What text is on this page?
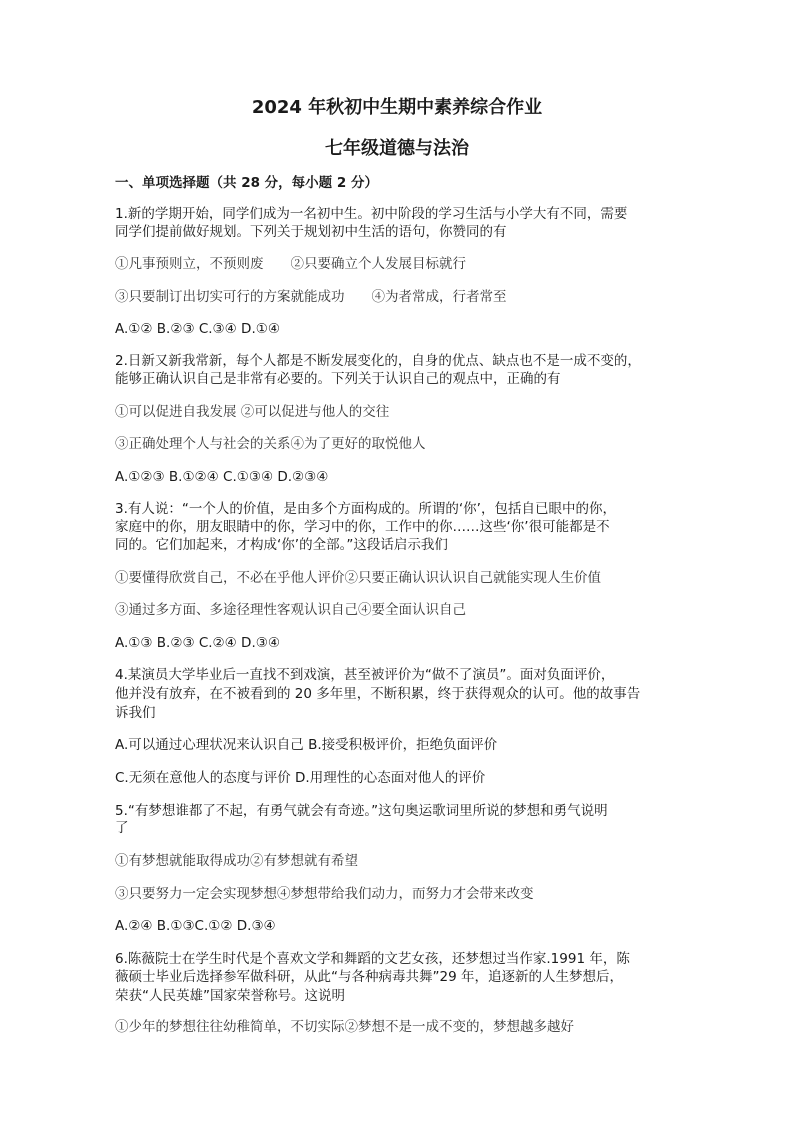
2024 年秋初中生期中素养综合作业
七年级道德与法治
一、单项选择题（共 28 分，每小题 2 分）
1.新的学期开始，同学们成为一名初中生。初中阶段的学习生活与小学大有不同，需要
同学们提前做好规划。下列关于规划初中生活的语句，你赞同的有
①凡事预则立，不预则废　　②只要确立个人发展目标就行
③只要制订出切实可行的方案就能成功　　④为者常成，行者常至
A.①② B.②③ C.③④ D.①④
2.日新又新我常新，每个人都是不断发展变化的，自身的优点、缺点也不是一成不变的，
能够正确认识自己是非常有必要的。下列关于认识自己的观点中，正确的有
①可以促进自我发展 ②可以促进与他人的交往
③正确处理个人与社会的关系④为了更好的取悦他人
A.①②③ B.①②④ C.①③④ D.②③④
3.有人说：“一个人的价值，是由多个方面构成的。所谓的‘你’，包括自已眼中的你，
家庭中的你，朋友眼睛中的你，学习中的你，工作中的你……这些‘你’很可能都是不
同的。它们加起来，才构成‘你’的全部。”这段话启示我们
①要懂得欣赏自己，不必在乎他人评价②只要正确认识认识自己就能实现人生价值
③通过多方面、多途径理性客观认识自己④要全面认识自己
A.①③ B.②③ C.②④ D.③④
4.某演员大学毕业后一直找不到戏演，甚至被评价为“做不了演员”。面对负面评价，
他并没有放弃，在不被看到的 20 多年里，不断积累，终于获得观众的认可。他的故事告
诉我们
A.可以通过心理状况来认识自己 B.接受积极评价，拒绝负面评价
C.无须在意他人的态度与评价 D.用理性的心态面对他人的评价
5.“有梦想谁都了不起，有勇气就会有奇迹。”这句奥运歌词里所说的梦想和勇气说明
了
①有梦想就能取得成功②有梦想就有希望
③只要努力一定会实现梦想④梦想带给我们动力，而努力才会带来改变
A.②④ B.①③C.①② D.③④
6.陈薇院士在学生时代是个喜欢文学和舞蹈的文艺女孩，还梦想过当作家.1991 年，陈
薇硕士毕业后选择参军做科研，从此“与各种病毒共舞”29 年，追逐新的人生梦想后，
荣获“人民英雄”国家荣誉称号。这说明
①少年的梦想往往幼稚简单，不切实际②梦想不是一成不变的，梦想越多越好
